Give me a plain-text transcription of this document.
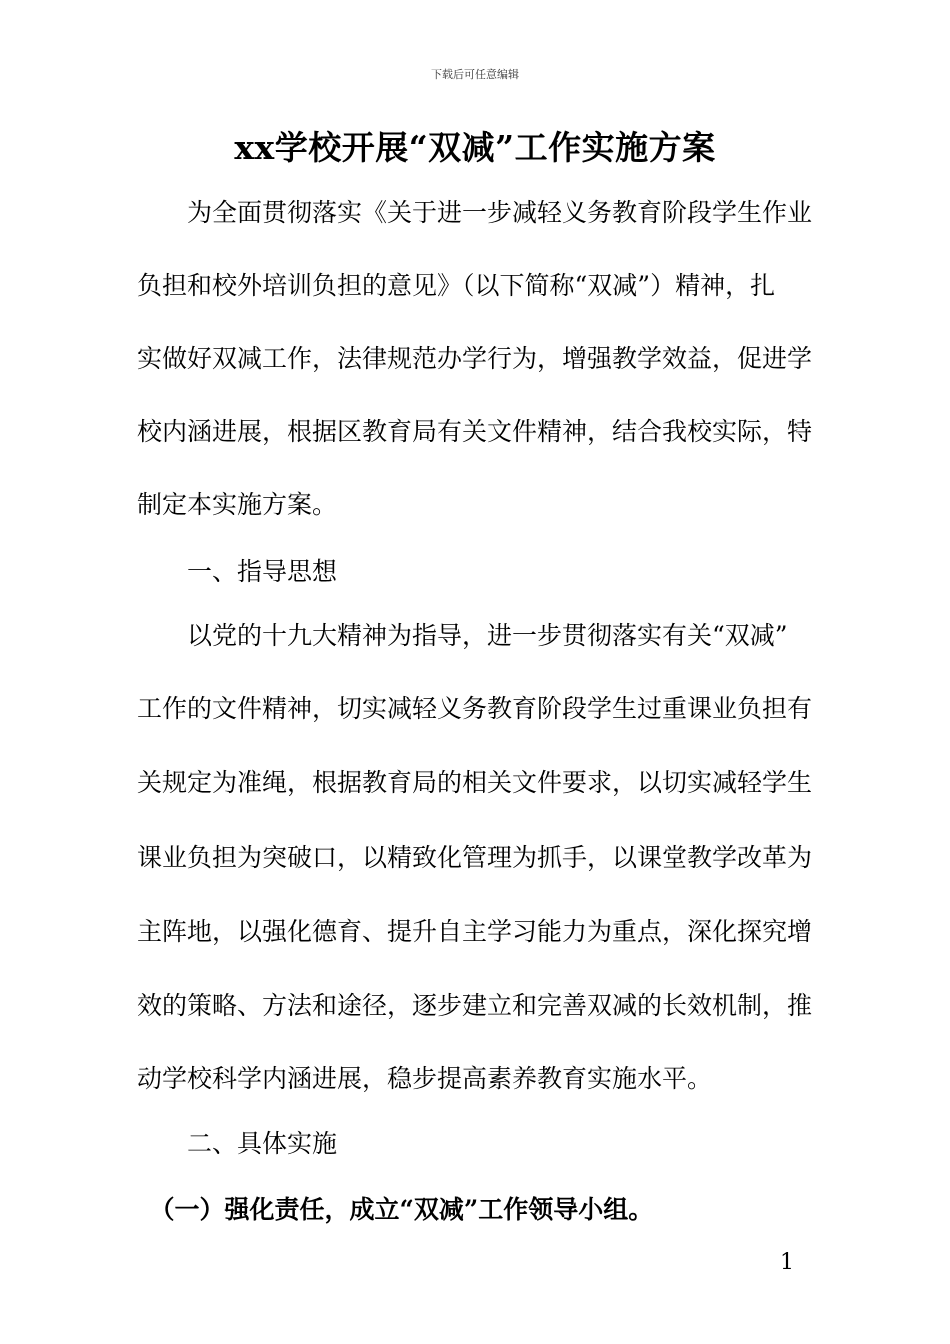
下载后可任意编辑
xx学校开展“双减”工作实施方案
　　为全面贯彻落实《关于进一步减轻义务教育阶段学生作业
负担和校外培训负担的意见》（以下简称“双减”）精神，扎
实做好双减工作，法律规范办学行为，增强教学效益，促进学
校内涵进展，根据区教育局有关文件精神，结合我校实际，特
制定本实施方案。
　　一、指导思想
　　以党的十九大精神为指导，进一步贯彻落实有关“双减”
工作的文件精神，切实减轻义务教育阶段学生过重课业负担有
关规定为准绳，根据教育局的相关文件要求，以切实减轻学生
课业负担为突破口，以精致化管理为抓手，以课堂教学改革为
主阵地，以强化德育、提升自主学习能力为重点，深化探究增
效的策略、方法和途径，逐步建立和完善双减的长效机制，推
动学校科学内涵进展，稳步提高素养教育实施水平。
　　二、具体实施
　（一）强化责任，成立“双减”工作领导小组。
1
